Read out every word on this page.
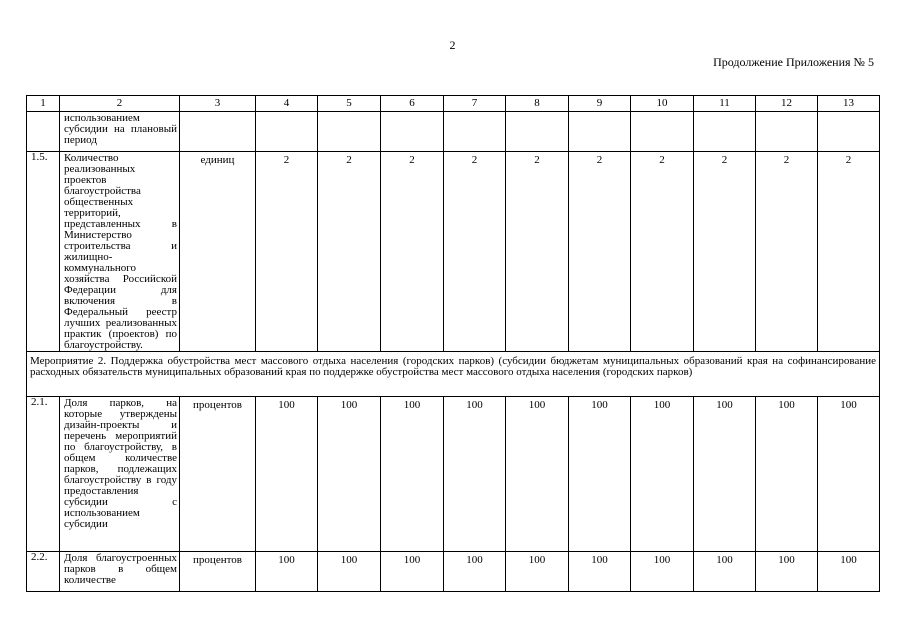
2
Продолжение Приложения № 5
1	2	3	4	5	6	7	8	9	10	11	12	13
	использованием субсидии на плановый период											
1.5.	Количество реализованных проектов благоустройства общественных территорий, представленных в Министерство строительства и жилищно-коммунального хозяйства Российской Федерации для включения в Федеральный реестр лучших реализованных практик (проектов) по благоустройству.	единиц	2	2	2	2	2	2	2	2	2	2
Мероприятие 2. Поддержка обустройства мест массового отдыха населения (городских парков) (субсидии бюджетам муниципальных образований края на софинансирование расходных обязательств муниципальных образований края по поддержке обустройства мест массового отдыха населения (городских парков)												
2.1.	Доля парков, на которые утверждены дизайн-проекты и перечень мероприятий по благоустройству, в общем количестве парков, подлежащих благоустройству в году предоставления субсидии с использованием субсидии	процентов	100	100	100	100	100	100	100	100	100	100
2.2.	Доля благоустроенных парков в общем количестве	процентов	100	100	100	100	100	100	100	100	100	100
